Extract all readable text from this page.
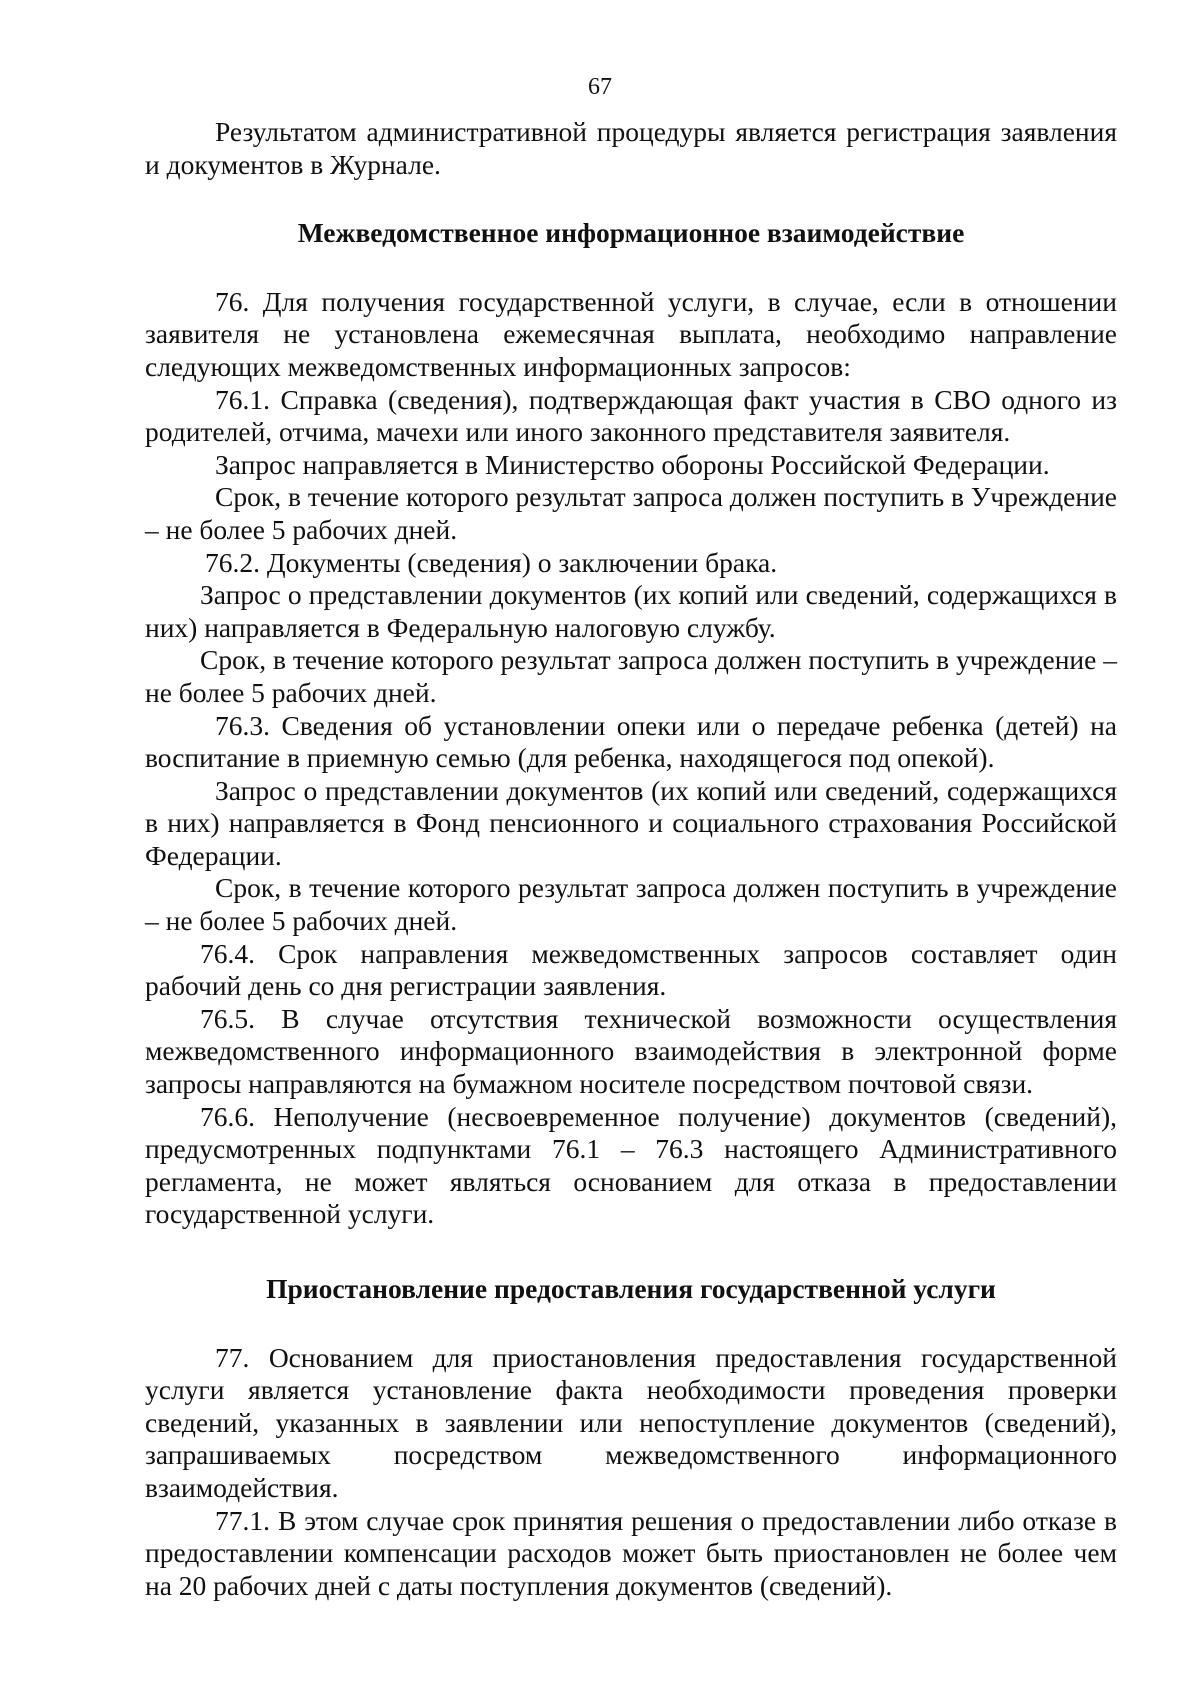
67

Результатом административной процедуры является регистрация заявления и документов в Журнале.

Межведомственное информационное взаимодействие

76. Для получения государственной услуги, в случае, если в отношении заявителя не установлена ежемесячная выплата, необходимо направление следующих межведомственных информационных запросов:

76.1. Справка (сведения), подтверждающая факт участия в СВО одного из родителей, отчима, мачехи или иного законного представителя заявителя.

Запрос направляется в Министерство обороны Российской Федерации.

Срок, в течение которого результат запроса должен поступить в Учреждение – не более 5 рабочих дней.

76.2. Документы (сведения) о заключении брака.

Запрос о представлении документов (их копий или сведений, содержащихся в них) направляется в Федеральную налоговую службу.

Срок, в течение которого результат запроса должен поступить в учреждение – не более 5 рабочих дней.

76.3. Сведения об установлении опеки или о передаче ребенка (детей) на воспитание в приемную семью (для ребенка, находящегося под опекой).

Запрос о представлении документов (их копий или сведений, содержащихся в них) направляется в Фонд пенсионного и социального страхования Российской Федерации.

Срок, в течение которого результат запроса должен поступить в учреждение – не более 5 рабочих дней.

76.4. Срок направления межведомственных запросов составляет один рабочий день со дня регистрации заявления.

76.5. В случае отсутствия технической возможности осуществления межведомственного информационного взаимодействия в электронной форме запросы направляются на бумажном носителе посредством почтовой связи.

76.6. Неполучение (несвоевременное получение) документов (сведений), предусмотренных подпунктами 76.1 – 76.3 настоящего Административного регламента, не может являться основанием для отказа в предоставлении государственной услуги.

Приостановление предоставления государственной услуги

77. Основанием для приостановления предоставления государственной услуги является установление факта необходимости проведения проверки сведений, указанных в заявлении или непоступление документов (сведений), запрашиваемых посредством межведомственного информационного взаимодействия.

77.1. В этом случае срок принятия решения о предоставлении либо отказе в предоставлении компенсации расходов может быть приостановлен не более чем на 20 рабочих дней с даты поступления документов (сведений).
